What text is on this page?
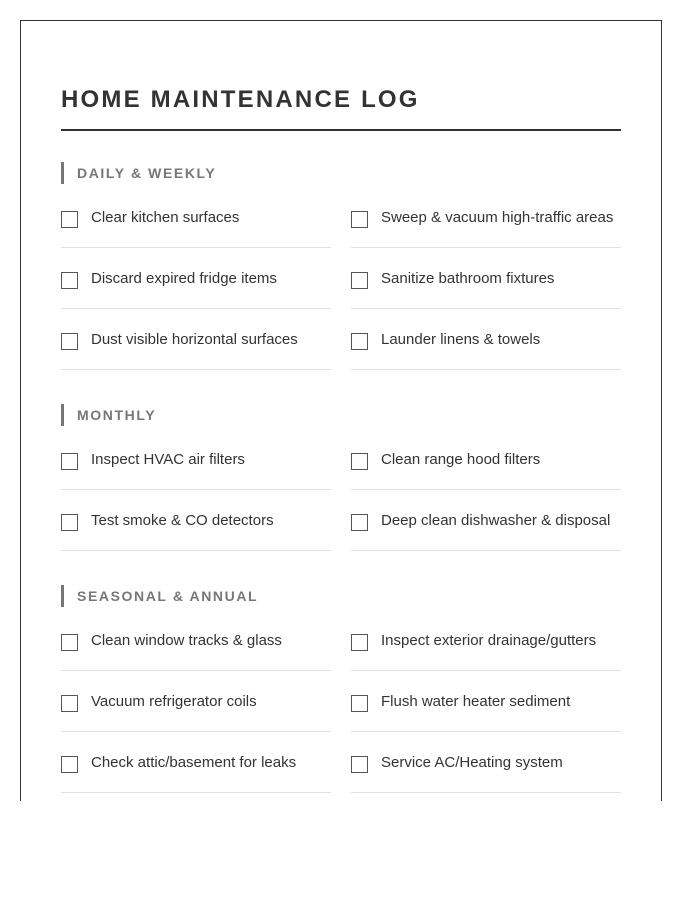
HOME MAINTENANCE LOG
DAILY & WEEKLY
Clear kitchen surfaces	Sweep & vacuum high-traffic areas
Discard expired fridge items	Sanitize bathroom fixtures
Dust visible horizontal surfaces	Launder linens & towels
MONTHLY
Inspect HVAC air filters	Clean range hood filters
Test smoke & CO detectors	Deep clean dishwasher & disposal
SEASONAL & ANNUAL
Clean window tracks & glass	Inspect exterior drainage/gutters
Vacuum refrigerator coils	Flush water heater sediment
Check attic/basement for leaks	Service AC/Heating system
